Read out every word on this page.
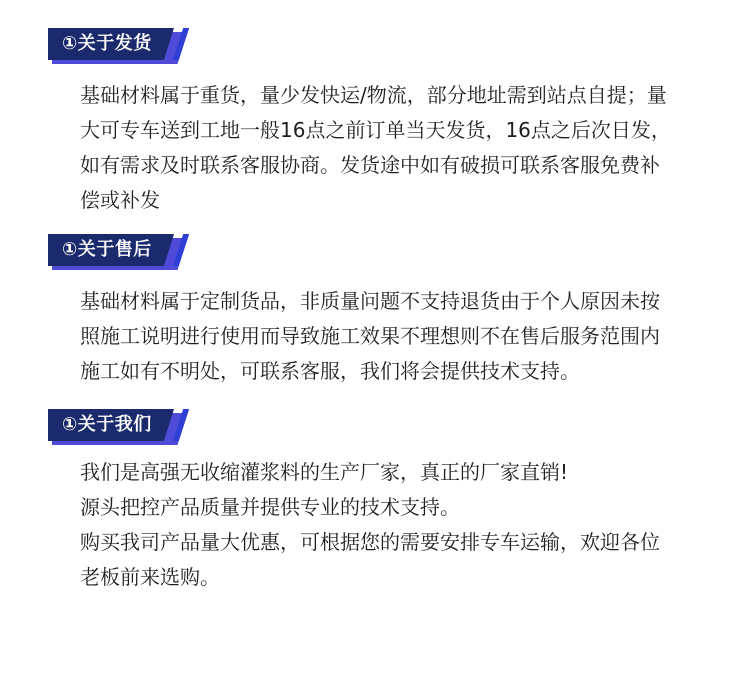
①关于发货
基础材料属于重货，量少发快运/物流，部分地址需到站点自提；量
大可专车送到工地一般16点之前订单当天发货，16点之后次日发，
如有需求及时联系客服协商。发货途中如有破损可联系客服免费补
偿或补发
①关于售后
基础材料属于定制货品，非质量问题不支持退货由于个人原因未按
照施工说明进行使用而导致施工效果不理想则不在售后服务范围内
施工如有不明处，可联系客服，我们将会提供技术支持。
①关于我们
我们是高强无收缩灌浆料的生产厂家，真正的厂家直销!
源头把控产品质量并提供专业的技术支持。
购买我司产品量大优惠，可根据您的需要安排专车运输，欢迎各位
老板前来选购。
